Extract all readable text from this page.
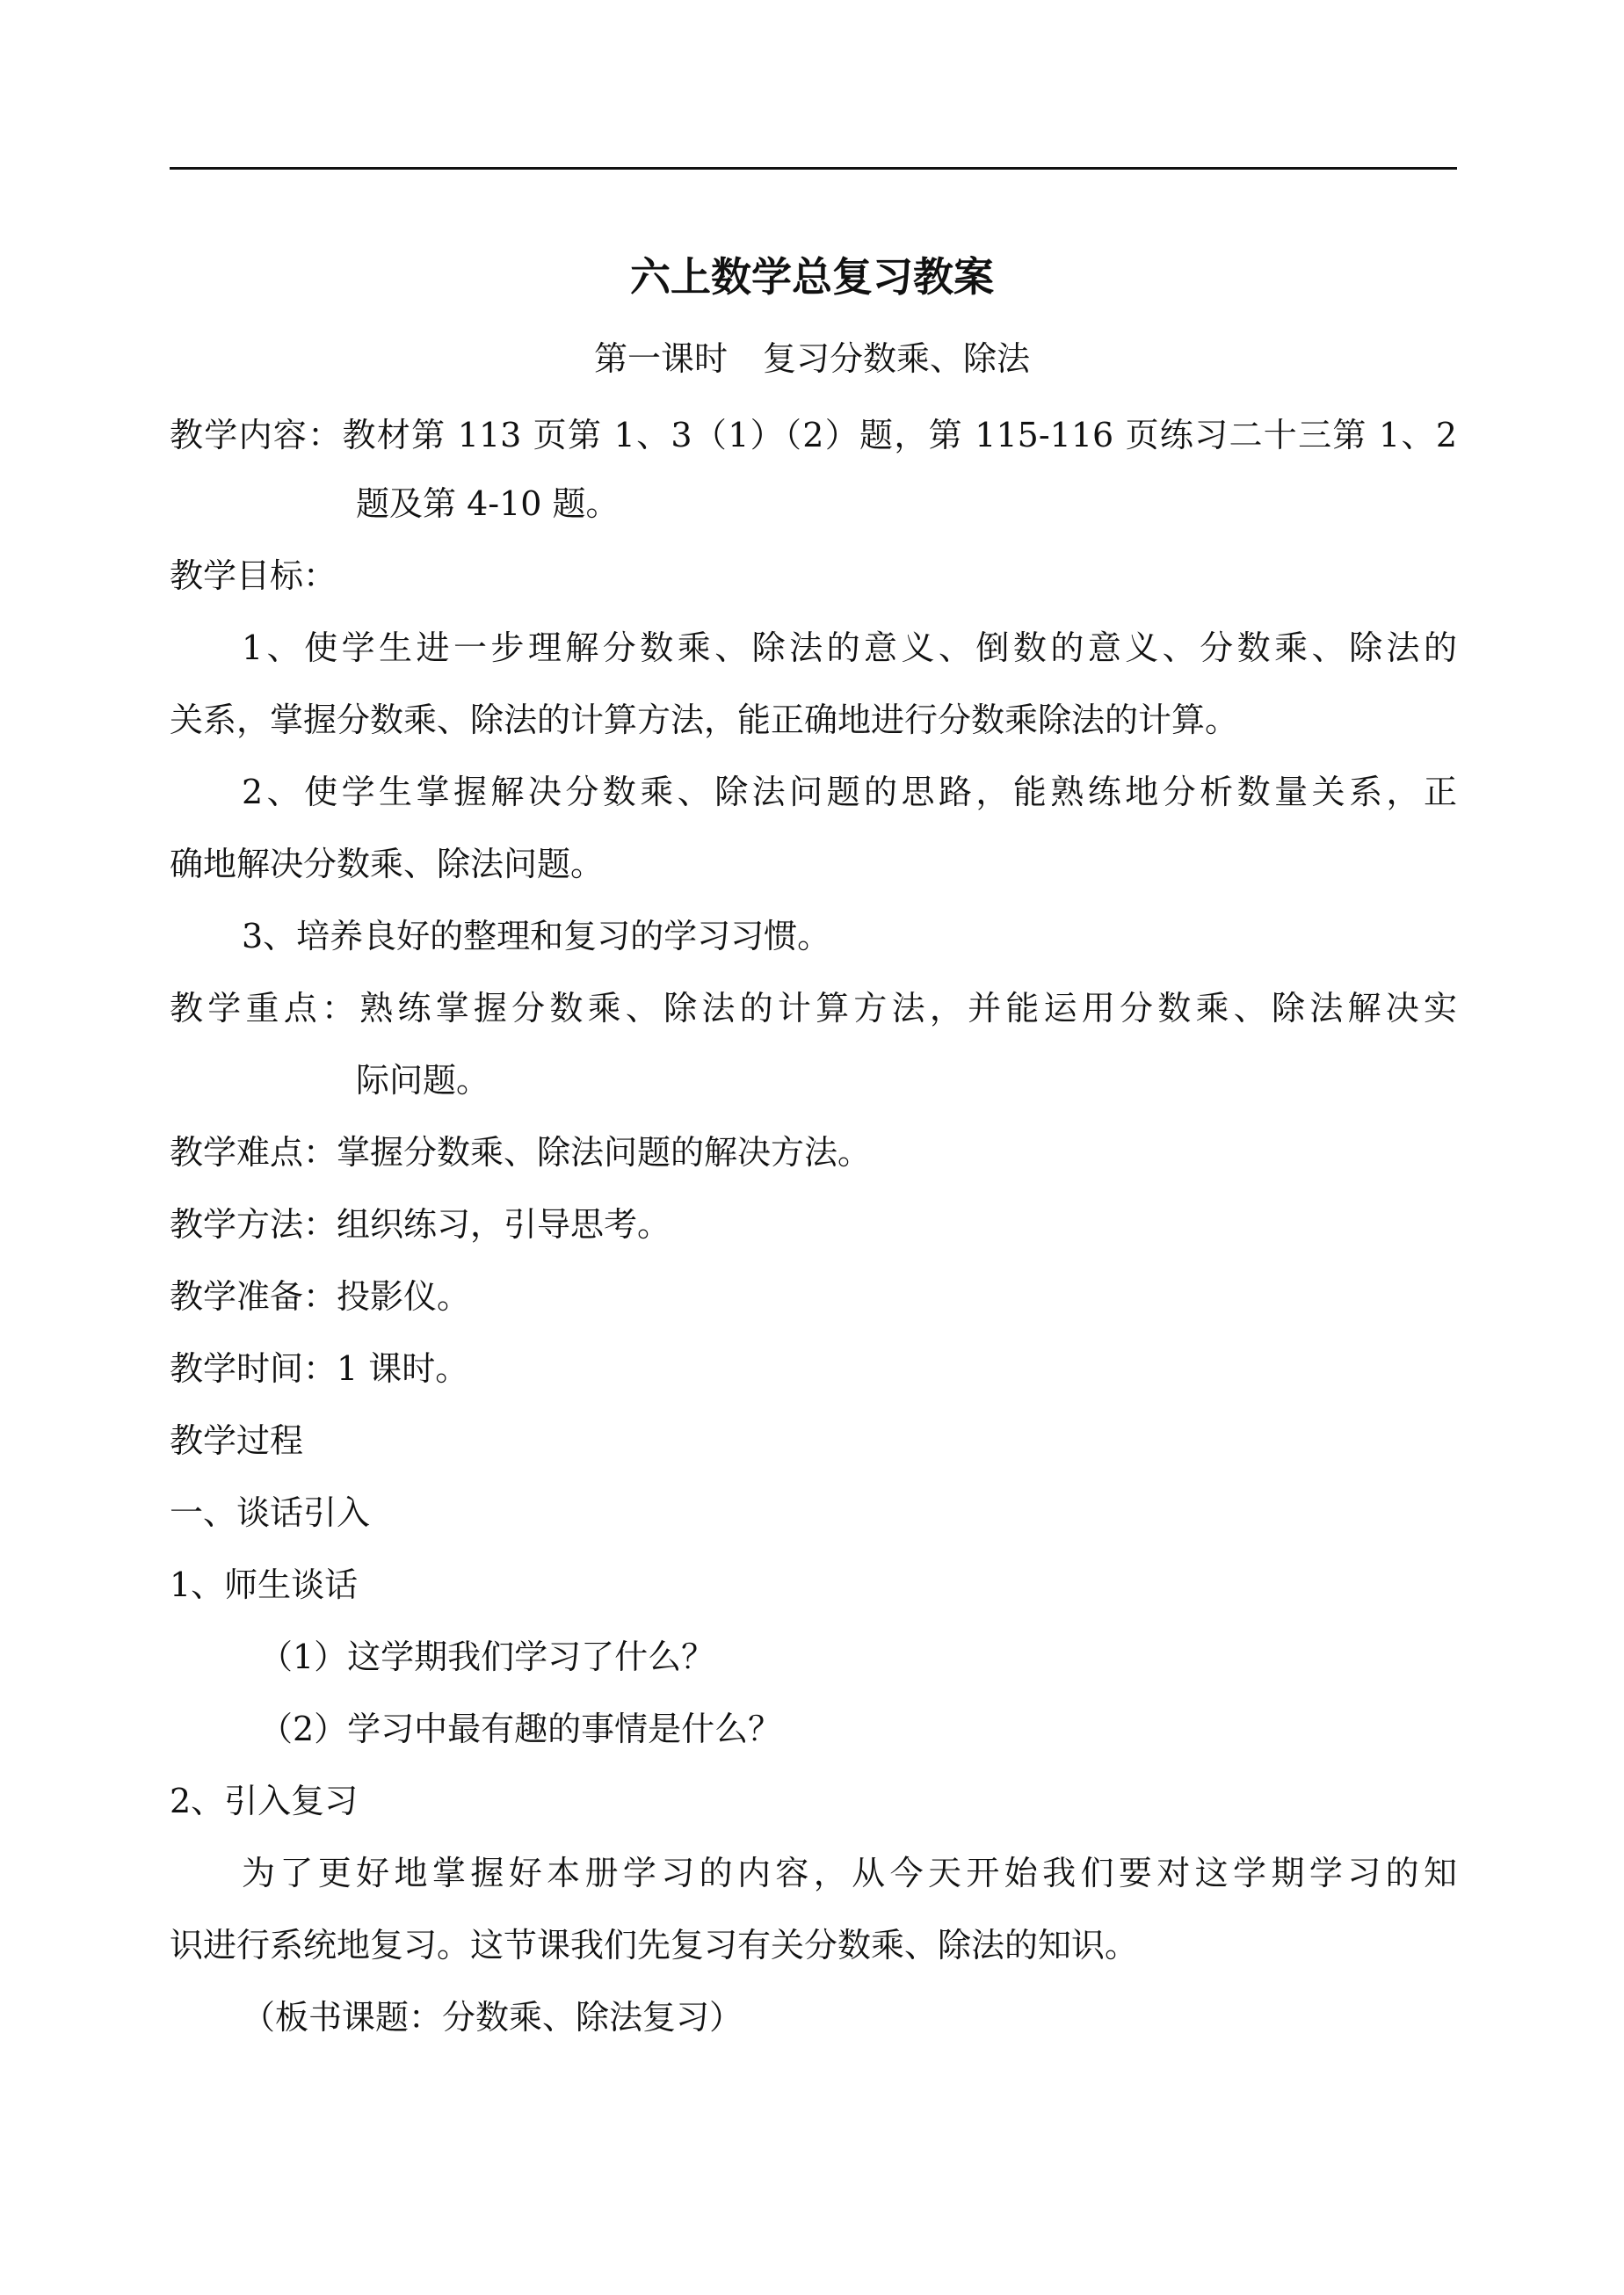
六上数学总复习教案

第一课时 复习分数乘、除法

教学内容：教材第 113 页第 1、3（1）（2）题，第 115-116 页练习二十三第 1、2

题及第 4-10 题。

教学目标：

1、使学生进一步理解分数乘、除法的意义、倒数的意义、分数乘、除法的

关系，掌握分数乘、除法的计算方法，能正确地进行分数乘除法的计算。

2、使学生掌握解决分数乘、除法问题的思路，能熟练地分析数量关系，正

确地解决分数乘、除法问题。

3、培养良好的整理和复习的学习习惯。

教学重点：熟练掌握分数乘、除法的计算方法，并能运用分数乘、除法解决实

际问题。

教学难点：掌握分数乘、除法问题的解决方法。

教学方法：组织练习，引导思考。

教学准备：投影仪。

教学时间：1 课时。

教学过程

一、谈话引入

1、师生谈话

（1）这学期我们学习了什么？

（2）学习中最有趣的事情是什么？

2、引入复习

为了更好地掌握好本册学习的内容，从今天开始我们要对这学期学习的知

识进行系统地复习。这节课我们先复习有关分数乘、除法的知识。

（板书课题：分数乘、除法复习）
